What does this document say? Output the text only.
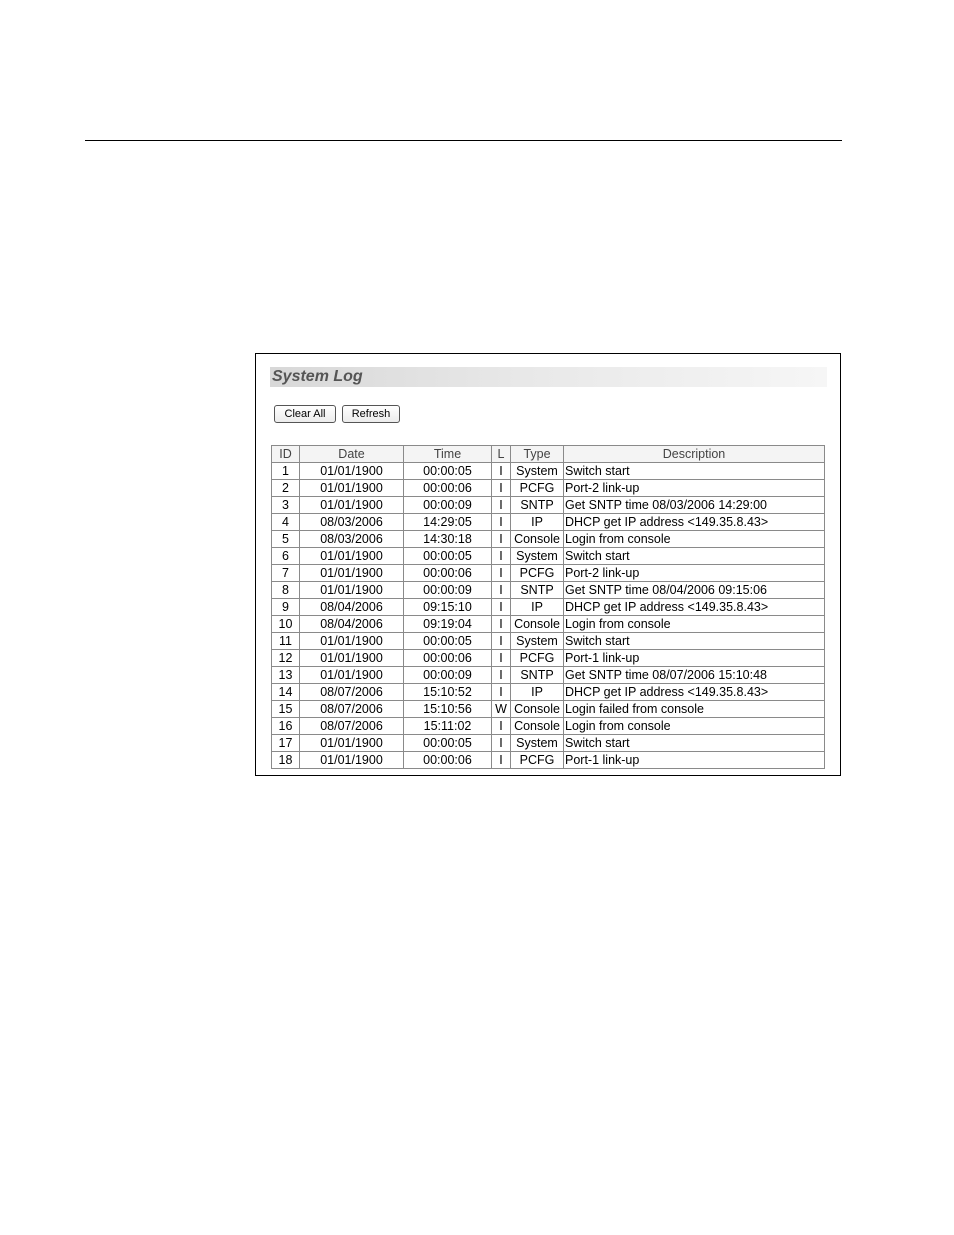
System Log
Clear All	Refresh
ID	Date	Time	L	Type	Description
1	01/01/1900	00:00:05	I	System	Switch start
2	01/01/1900	00:00:06	I	PCFG	Port-2 link-up
3	01/01/1900	00:00:09	I	SNTP	Get SNTP time 08/03/2006 14:29:00
4	08/03/2006	14:29:05	I	IP	DHCP get IP address <149.35.8.43>
5	08/03/2006	14:30:18	I	Console	Login from console
6	01/01/1900	00:00:05	I	System	Switch start
7	01/01/1900	00:00:06	I	PCFG	Port-2 link-up
8	01/01/1900	00:00:09	I	SNTP	Get SNTP time 08/04/2006 09:15:06
9	08/04/2006	09:15:10	I	IP	DHCP get IP address <149.35.8.43>
10	08/04/2006	09:19:04	I	Console	Login from console
11	01/01/1900	00:00:05	I	System	Switch start
12	01/01/1900	00:00:06	I	PCFG	Port-1 link-up
13	01/01/1900	00:00:09	I	SNTP	Get SNTP time 08/07/2006 15:10:48
14	08/07/2006	15:10:52	I	IP	DHCP get IP address <149.35.8.43>
15	08/07/2006	15:10:56	W	Console	Login failed from console
16	08/07/2006	15:11:02	I	Console	Login from console
17	01/01/1900	00:00:05	I	System	Switch start
18	01/01/1900	00:00:06	I	PCFG	Port-1 link-up
